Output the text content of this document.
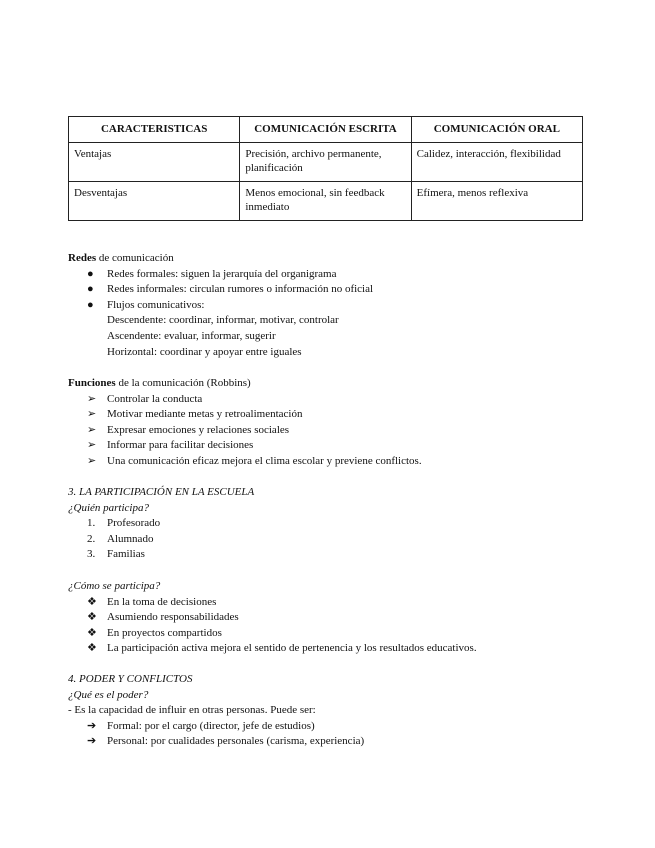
CARACTERISTICAS	COMUNICACIÓN ESCRITA	COMUNICACIÓN ORAL
Ventajas	Precisión, archivo permanente, planificación	Calidez, interacción, flexibilidad
Desventajas	Menos emocional, sin feedback inmediato	Efímera, menos reflexiva
Redes de comunicación
●	Redes formales: siguen la jerarquía del organigrama
●	Redes informales: circulan rumores o información no oficial
●	Flujos comunicativos:
Descendente: coordinar, informar, motivar, controlar
Ascendente: evaluar, informar, sugerir
Horizontal: coordinar y apoyar entre iguales
Funciones de la comunicación (Robbins)
➢ Controlar la conducta
➢ Motivar mediante metas y retroalimentación
➢ Expresar emociones y relaciones sociales
➢ Informar para facilitar decisiones
➢ Una comunicación eficaz mejora el clima escolar y previene conflictos.
3. LA PARTICIPACIÓN EN LA ESCUELA
¿Quién participa?
1.	Profesorado
2.	Alumnado
3.	Familias
¿Cómo se participa?
❖ En la toma de decisiones
❖ Asumiendo responsabilidades
❖ En proyectos compartidos
❖ La participación activa mejora el sentido de pertenencia y los resultados educativos.
4. PODER Y CONFLICTOS
¿Qué es el poder?
- Es la capacidad de influir en otras personas. Puede ser:
➔ Formal: por el cargo (director, jefe de estudios)
➔ Personal: por cualidades personales (carisma, experiencia)
